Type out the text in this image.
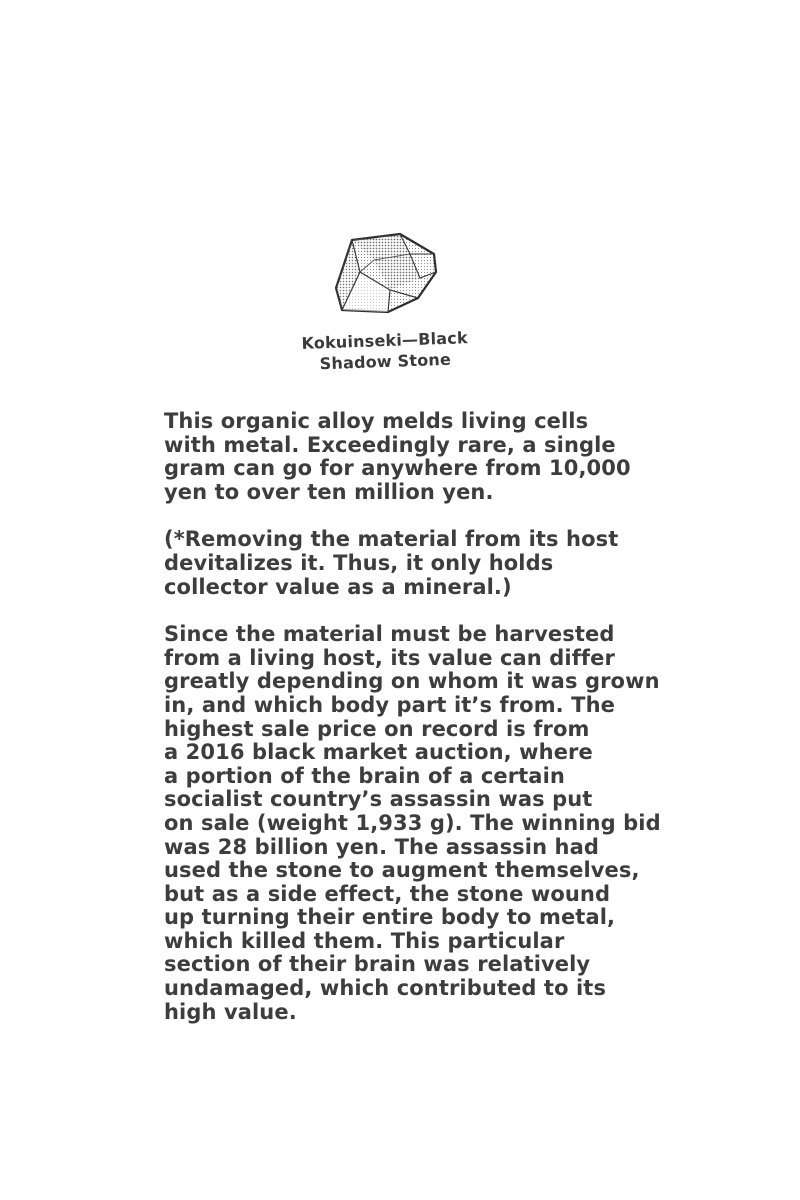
Kokuinseki—Black
Shadow Stone

This organic alloy melds living cells
with metal. Exceedingly rare, a single
gram can go for anywhere from 10,000
yen to over ten million yen.

(*Removing the material from its host
devitalizes it. Thus, it only holds
collector value as a mineral.)

Since the material must be harvested
from a living host, its value can differ
greatly depending on whom it was grown
in, and which body part it’s from. The
highest sale price on record is from
a 2016 black market auction, where
a portion of the brain of a certain
socialist country’s assassin was put
on sale (weight 1,933 g). The winning bid
was 28 billion yen. The assassin had
used the stone to augment themselves,
but as a side effect, the stone wound
up turning their entire body to metal,
which killed them. This particular
section of their brain was relatively
undamaged, which contributed to its
high value.
